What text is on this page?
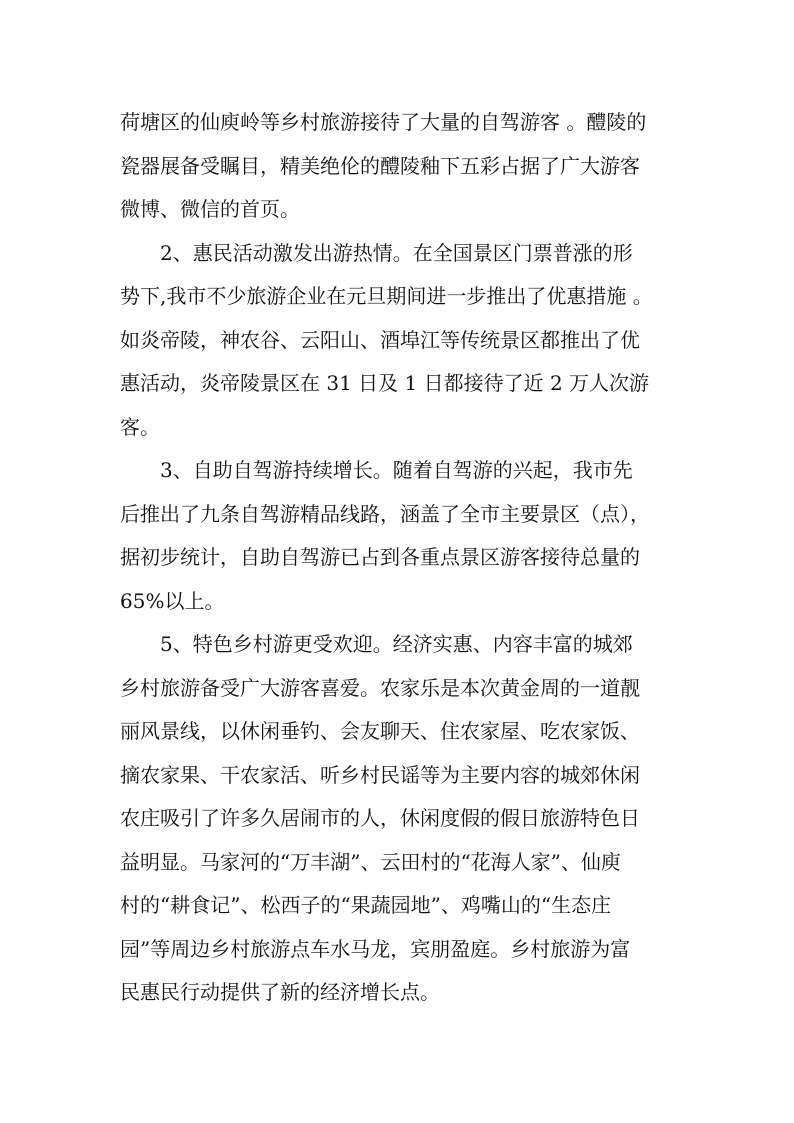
荷塘区的仙庾岭等乡村旅游接待了大量的自驾游客 。醴陵的
瓷器展备受瞩目，精美绝伦的醴陵釉下五彩占据了广大游客
微博、微信的首页。
2、惠民活动激发出游热情。在全国景区门票普涨的形
势下,我市不少旅游企业在元旦期间进一步推出了优惠措施 。
如炎帝陵，神农谷、云阳山、酒埠江等传统景区都推出了优
惠活动，炎帝陵景区在 31 日及 1 日都接待了近 2 万人次游
客。
3、自助自驾游持续增长。随着自驾游的兴起，我市先
后推出了九条自驾游精品线路，涵盖了全市主要景区（点），
据初步统计，自助自驾游已占到各重点景区游客接待总量的
65%以上。
5、特色乡村游更受欢迎。经济实惠、内容丰富的城郊
乡村旅游备受广大游客喜爱。农家乐是本次黄金周的一道靓
丽风景线，以休闲垂钓、会友聊天、住农家屋、吃农家饭、
摘农家果、干农家活、听乡村民谣等为主要内容的城郊休闲
农庄吸引了许多久居闹市的人，休闲度假的假日旅游特色日
益明显。马家河的“万丰湖”、云田村的“花海人家”、仙庾
村的“耕食记”、松西子的“果蔬园地”、鸡嘴山的“生态庄
园”等周边乡村旅游点车水马龙，宾朋盈庭。乡村旅游为富
民惠民行动提供了新的经济增长点。
